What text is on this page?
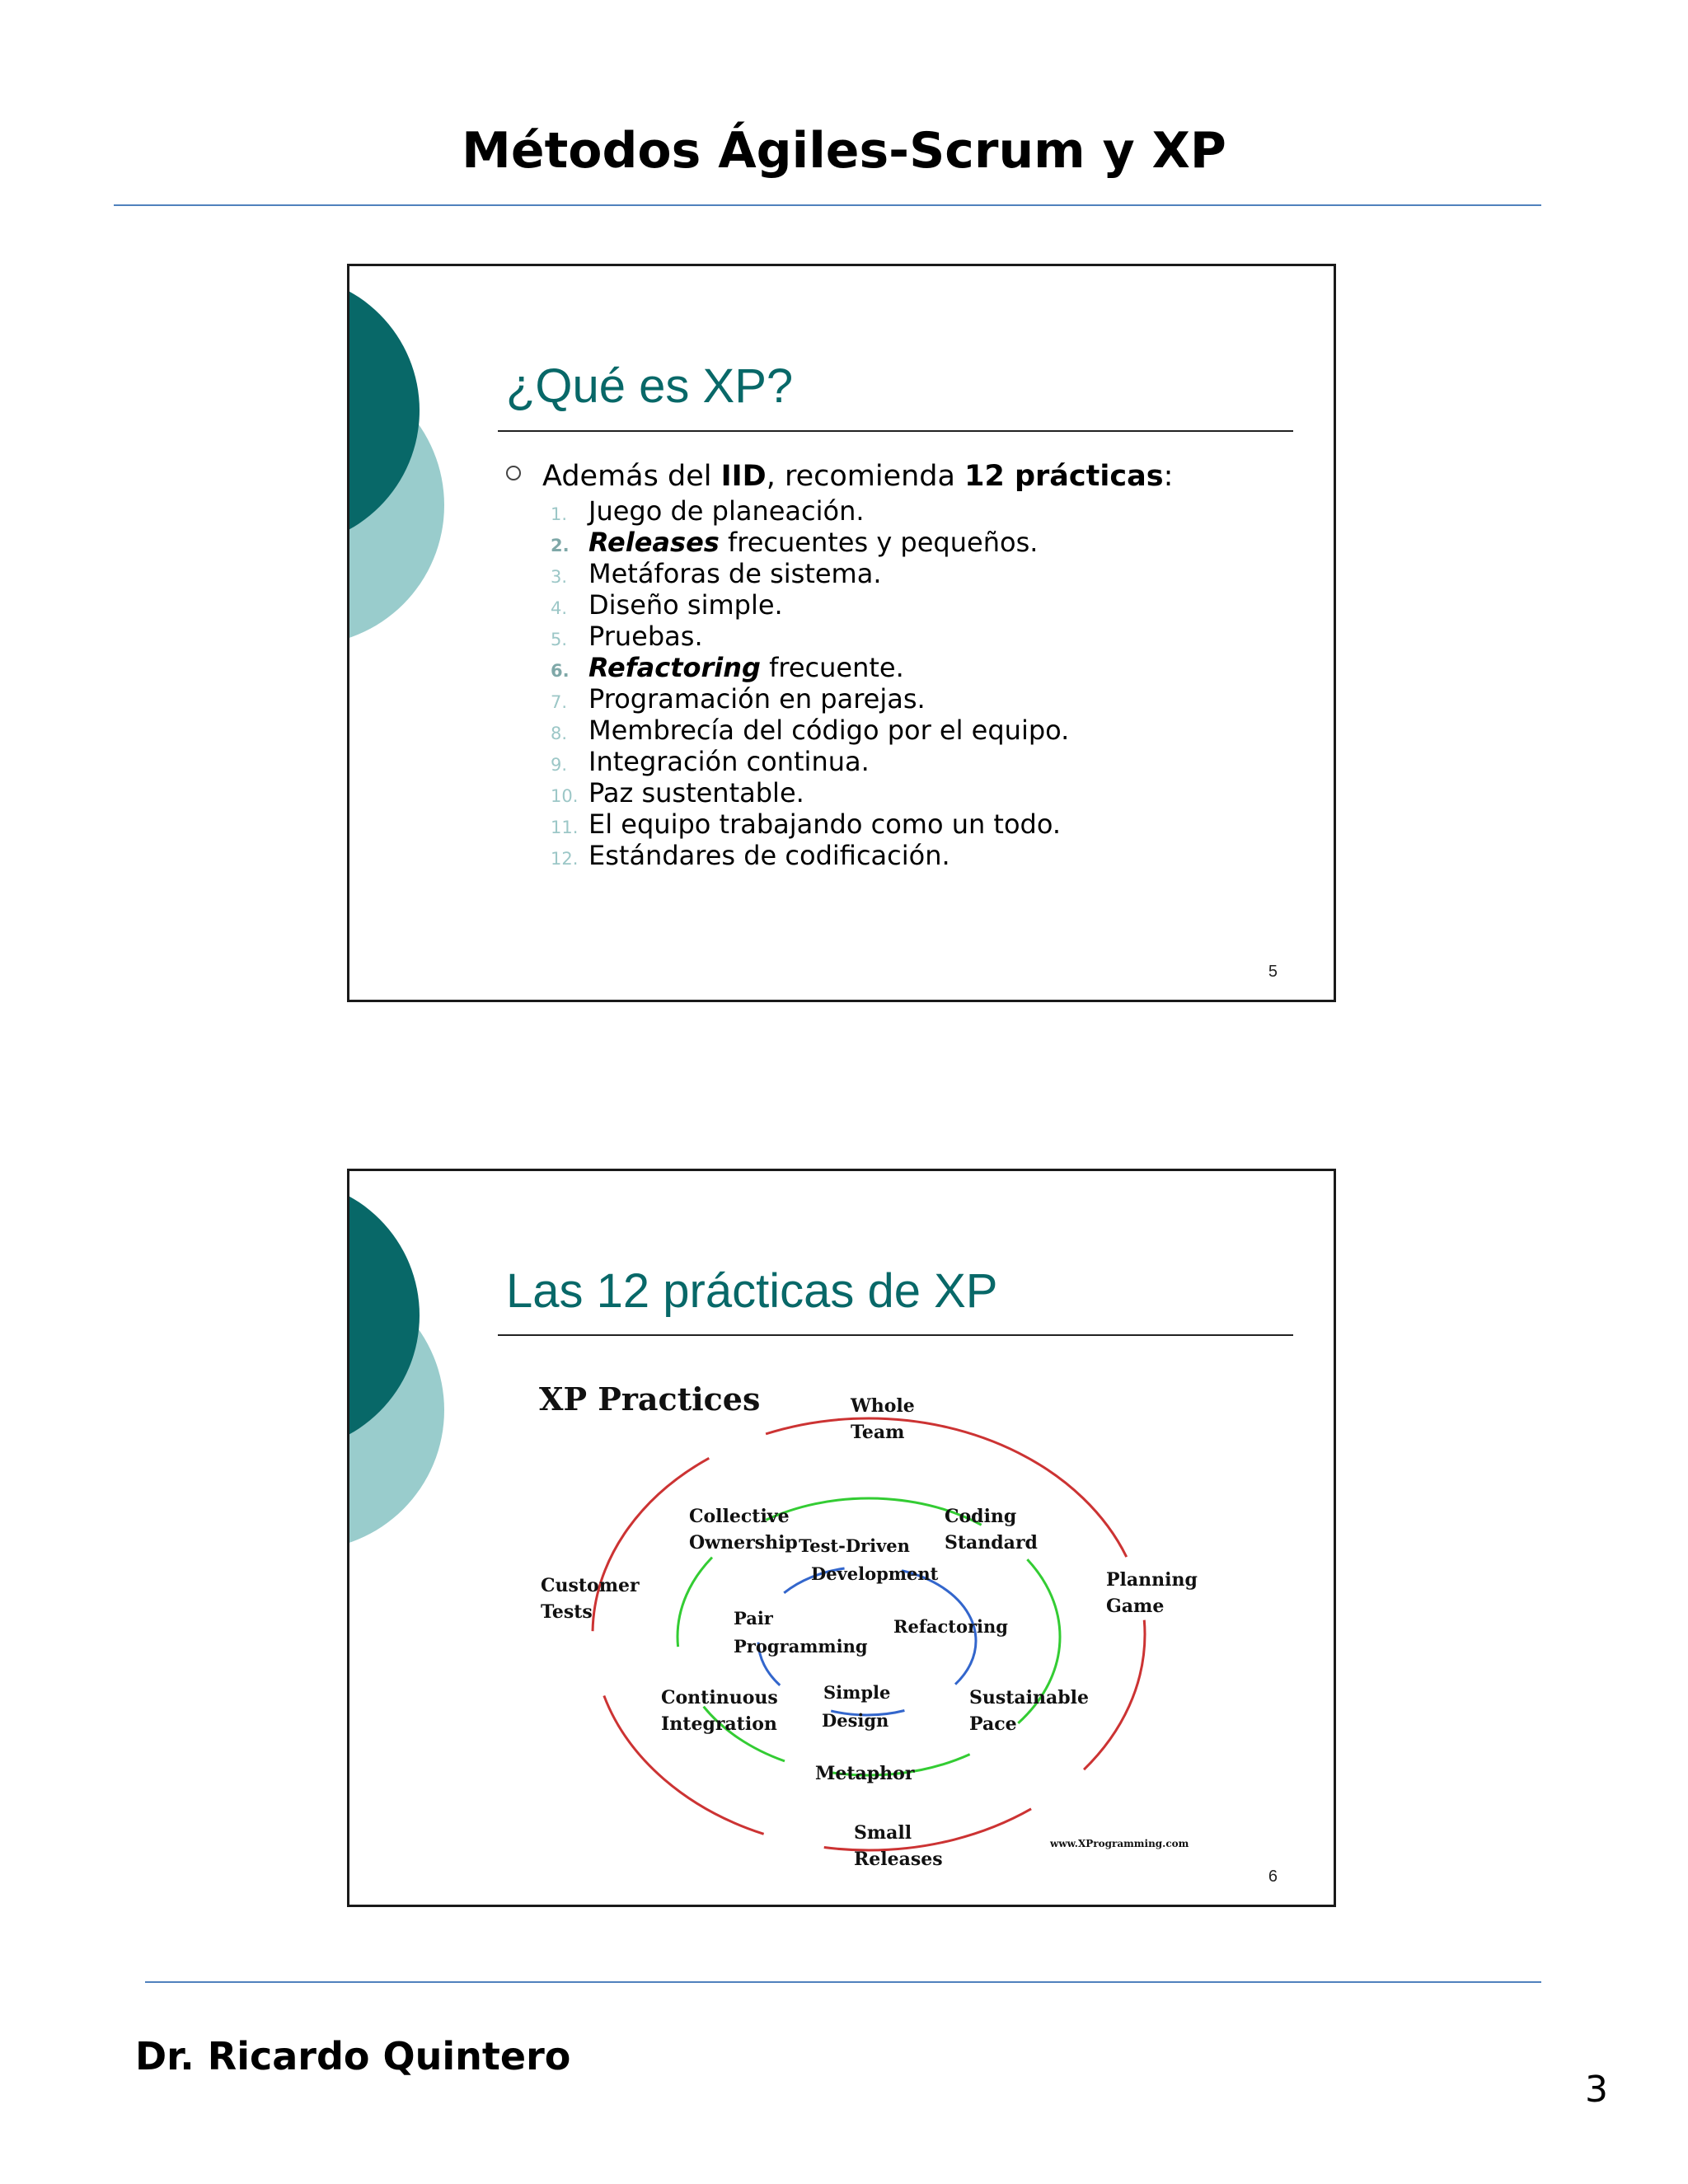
Métodos Ágiles-Scrum y XP
¿Qué es XP?
Además del IID, recomienda 12 prácticas:
1. Juego de planeación.
2. Releases frecuentes y pequeños.
3. Metáforas de sistema.
4. Diseño simple.
5. Pruebas.
6. Refactoring frecuente.
7. Programación en parejas.
8. Membrecía del código por el equipo.
9. Integración continua.
10. Paz sustentable.
11. El equipo trabajando como un todo.
12. Estándares de codificación.
5
Las 12 prácticas de XP
XP Practices	Whole Team
Customer Tests
Planning Game
Small Releases
Collective Ownership
Coding Standard
Continuous Integration
Sustainable Pace
Metaphor
Test-Driven Development
Pair Programming
Refactoring
Simple Design
www.XProgramming.com
6
Dr. Ricardo Quintero
3
